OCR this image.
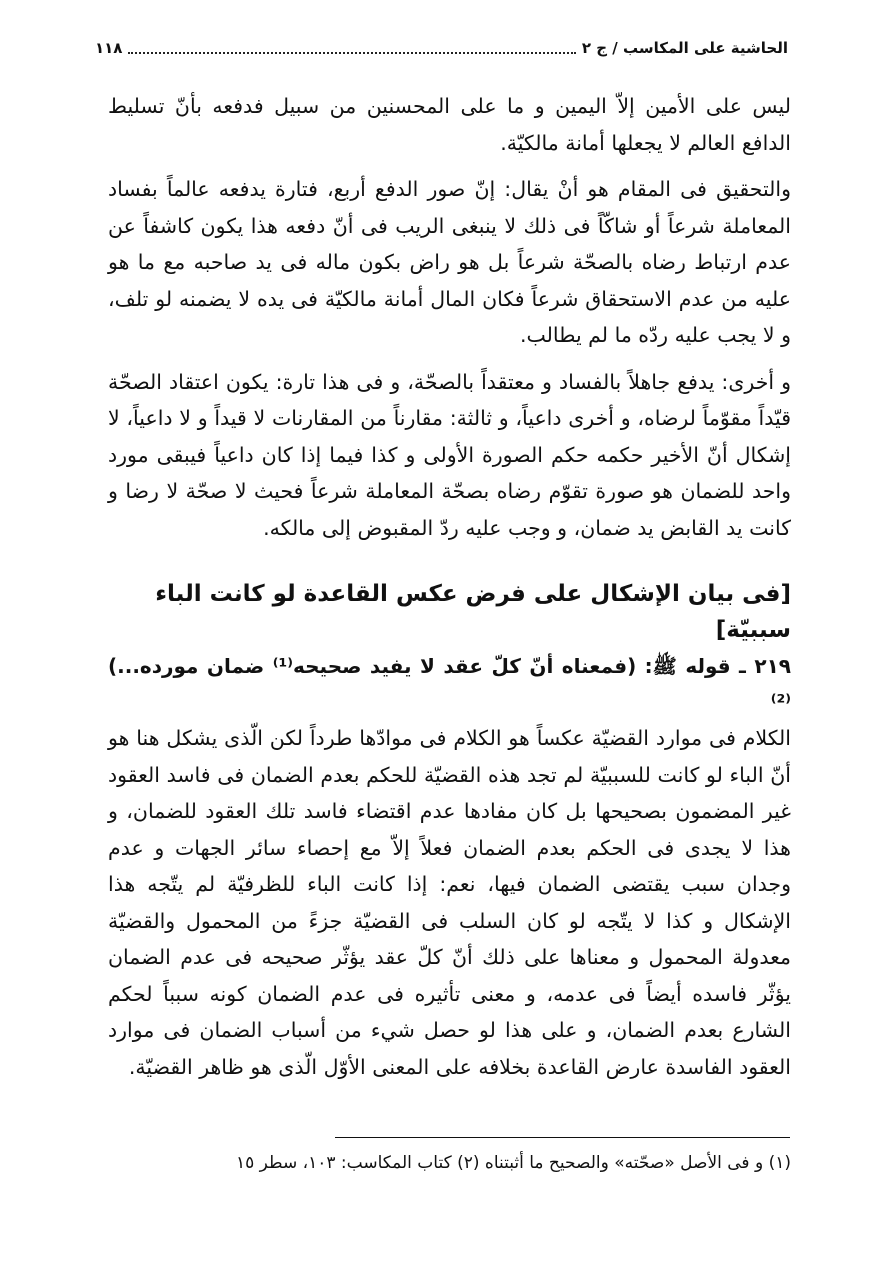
١١٨	الحاشية على المكاسب / ج ٢

ليس على الأمين إلاّ اليمين و ما على المحسنين من سبيل فدفعه بأنّ تسليط الدافع العالم لا يجعلها أمانة مالكيّة.

والتحقيق فى المقام هو أنْ يقال: إنّ صور الدفع أربع، فتارة يدفعه عالماً بفساد المعاملة شرعاً أو شاكّاً فى ذلك لا ينبغى الريب فى أنّ دفعه هذا يكون كاشفاً عن عدم ارتباط رضاه بالصحّة شرعاً بل هو راض بكون ماله فى يد صاحبه مع ما هو عليه من عدم الاستحقاق شرعاً فكان المال أمانة مالكيّة فى يده لا يضمنه لو تلف، و لا يجب عليه ردّه ما لم يطالب.

و أخرى: يدفع جاهلاً بالفساد و معتقداً بالصحّة، و فى هذا تارة: يكون اعتقاد الصحّة قيّداً مقوّماً لرضاه، و أخرى داعياً، و ثالثة: مقارناً من المقارنات لا قيداً و لا داعياً، لا إشكال أنّ الأخير حكمه حكم الصورة الأولى و كذا فيما إذا كان داعياً فيبقى مورد واحد للضمان هو صورة تقوّم رضاه بصحّة المعاملة شرعاً فحيث لا صحّة لا رضا و كانت يد القابض يد ضمان، و وجب عليه ردّ المقبوض إلى مالكه.

[فى بيان الإشكال على فرض عكس القاعدة لو كانت الباء سببيّة]
٢١٩ ـ قوله ﷺ: (فمعناه أنّ كلّ عقد لا يفيد صحيحه⁽¹⁾ ضمان مورده...)⁽²⁾

الكلام فى موارد القضيّة عكساً هو الكلام فى موادّها طرداً لكن الّذى يشكل هنا هو أنّ الباء لو كانت للسببيّة لم تجد هذه القضيّة للحكم بعدم الضمان فى فاسد العقود غير المضمون بصحيحها بل كان مفادها عدم اقتضاء فاسد تلك العقود للضمان، و هذا لا يجدى فى الحكم بعدم الضمان فعلاً إلاّ مع إحصاء سائر الجهات و عدم وجدان سبب يقتضى الضمان فيها، نعم: إذا كانت الباء للظرفيّة لم يتّجه هذا الإشكال و كذا لا يتّجه لو كان السلب فى القضيّة جزءً من المحمول والقضيّة معدولة المحمول و معناها على ذلك أنّ كلّ عقد يؤثّر صحيحه فى عدم الضمان يؤثّر فاسده أيضاً فى عدمه، و معنى تأثيره فى عدم الضمان كونه سبباً لحكم الشارع بعدم الضمان، و على هذا لو حصل شيء من أسباب الضمان فى موارد العقود الفاسدة عارض القاعدة بخلافه على المعنى الأوّل الّذى هو ظاهر القضيّة.

(١) و فى الأصل «صحّته» والصحيح ما أثبتناه (٢) كتاب المكاسب: ١٠٣، سطر ١٥
